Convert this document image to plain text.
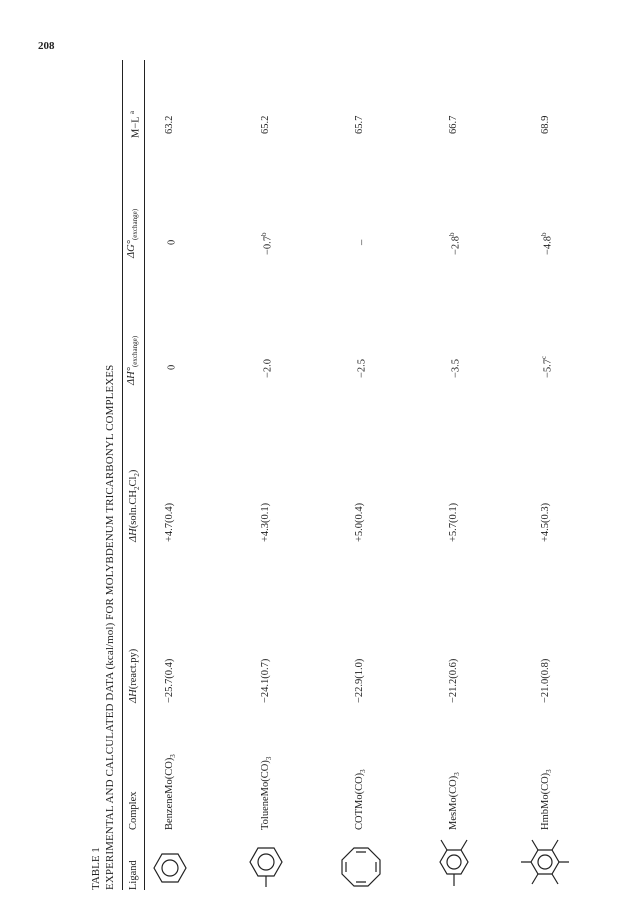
208
TABLE 1 EXPERIMENTAL AND CALCULATED DATA (kcal/mol) FOR MOLYBDENUM TRICARBONYL COMPLEXES Ligand
Complex
ΔH(react.py)
$\Delta H(soln.CH_2Cl_2)$
$\Delta H^\circ_{(exchange)}$
$\Delta G^\circ_{(exchange)}$
M−L $^a$
$BenzeneMo(CO)_3$
−25.7(0.4)
+4.7(0.4)
0
0
63.2
$TolueneMo(CO)_3$
−24.1(0.7)
+4.3(0.1)
−2.0
−0.7$^b$
65.2
$COTMo(CO)_3$
−22.9(1.0)
+5.0(0.4)
−2.5
–
65.7
$MesMo(CO)_3$
−21.2(0.6)
+5.7(0.1)
−3.5
−2.8$^b$
66.7
$HmbMo(CO)_3$
−21.0(0.8)
+4.5(0.3)
−5.7$^c$
−4.8$^b$
68.9
